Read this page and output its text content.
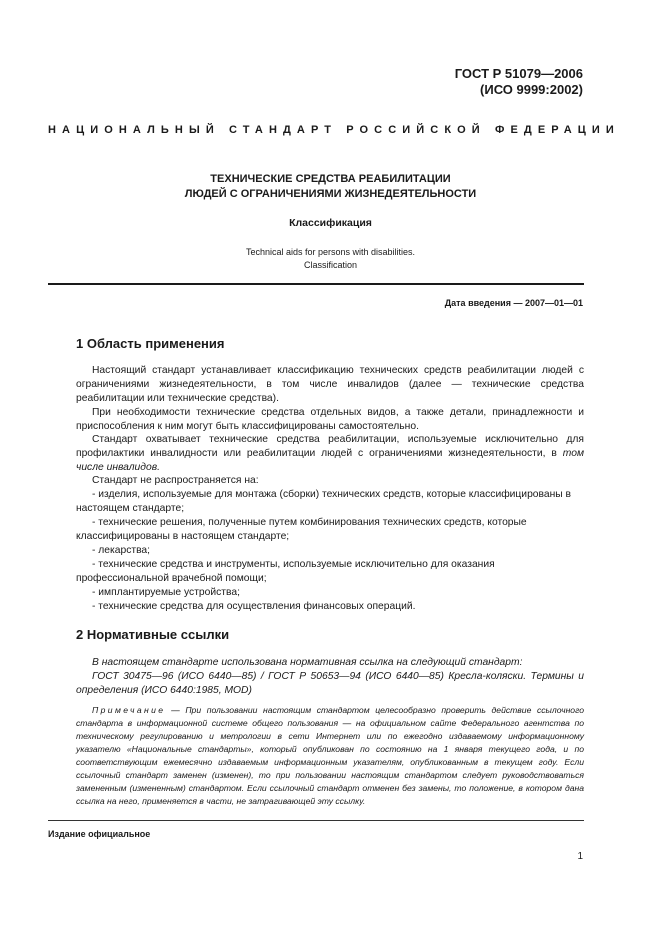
ГОСТ Р 51079—2006
(ИСО 9999:2002)
НАЦИОНАЛЬНЫЙ СТАНДАРТ РОССИЙСКОЙ ФЕДЕРАЦИИ
ТЕХНИЧЕСКИЕ СРЕДСТВА РЕАБИЛИТАЦИИ
ЛЮДЕЙ С ОГРАНИЧЕНИЯМИ ЖИЗНЕДЕЯТЕЛЬНОСТИ
Классификация
Technical aids for persons with disabilities.
Classification
Дата введения — 2007—01—01
1 Область применения
Настоящий стандарт устанавливает классификацию технических средств реабилитации людей с ограничениями жизнедеятельности, в том числе инвалидов (далее — технические средства реабилитации или технические средства).
При необходимости технические средства отдельных видов, а также детали, принадлежности и приспособления к ним могут быть классифицированы самостоятельно.
Стандарт охватывает технические средства реабилитации, используемые исключительно для профилактики инвалидности или реабилитации людей с ограничениями жизнедеятельности, в том числе инвалидов.
Стандарт не распространяется на:
- изделия, используемые для монтажа (сборки) технических средств, которые классифицированы в настоящем стандарте;
- технические решения, полученные путем комбинирования технических средств, которые классифицированы в настоящем стандарте;
- лекарства;
- технические средства и инструменты, используемые исключительно для оказания профессиональной врачебной помощи;
- имплантируемые устройства;
- технические средства для осуществления финансовых операций.
2 Нормативные ссылки
В настоящем стандарте использована нормативная ссылка на следующий стандарт:
ГОСТ 30475—96 (ИСО 6440—85) / ГОСТ Р 50653—94 (ИСО 6440—85) Кресла-коляски. Термины и определения (ИСО 6440:1985, MOD)
Примечание — При пользовании настоящим стандартом целесообразно проверить действие ссылочного стандарта в информационной системе общего пользования — на официальном сайте Федерального агентства по техническому регулированию и метрологии в сети Интернет или по ежегодно издаваемому информационному указателю «Национальные стандарты», который опубликован по состоянию на 1 января текущего года, и по соответствующим ежемесячно издаваемым информационным указателям, опубликованным в текущем году. Если ссылочный стандарт заменен (изменен), то при пользовании настоящим стандартом следует руководствоваться замененным (измененным) стандартом. Если ссылочный стандарт отменен без замены, то положение, в котором дана ссылка на него, применяется в части, не затрагивающей эту ссылку.
Издание официальное
1
